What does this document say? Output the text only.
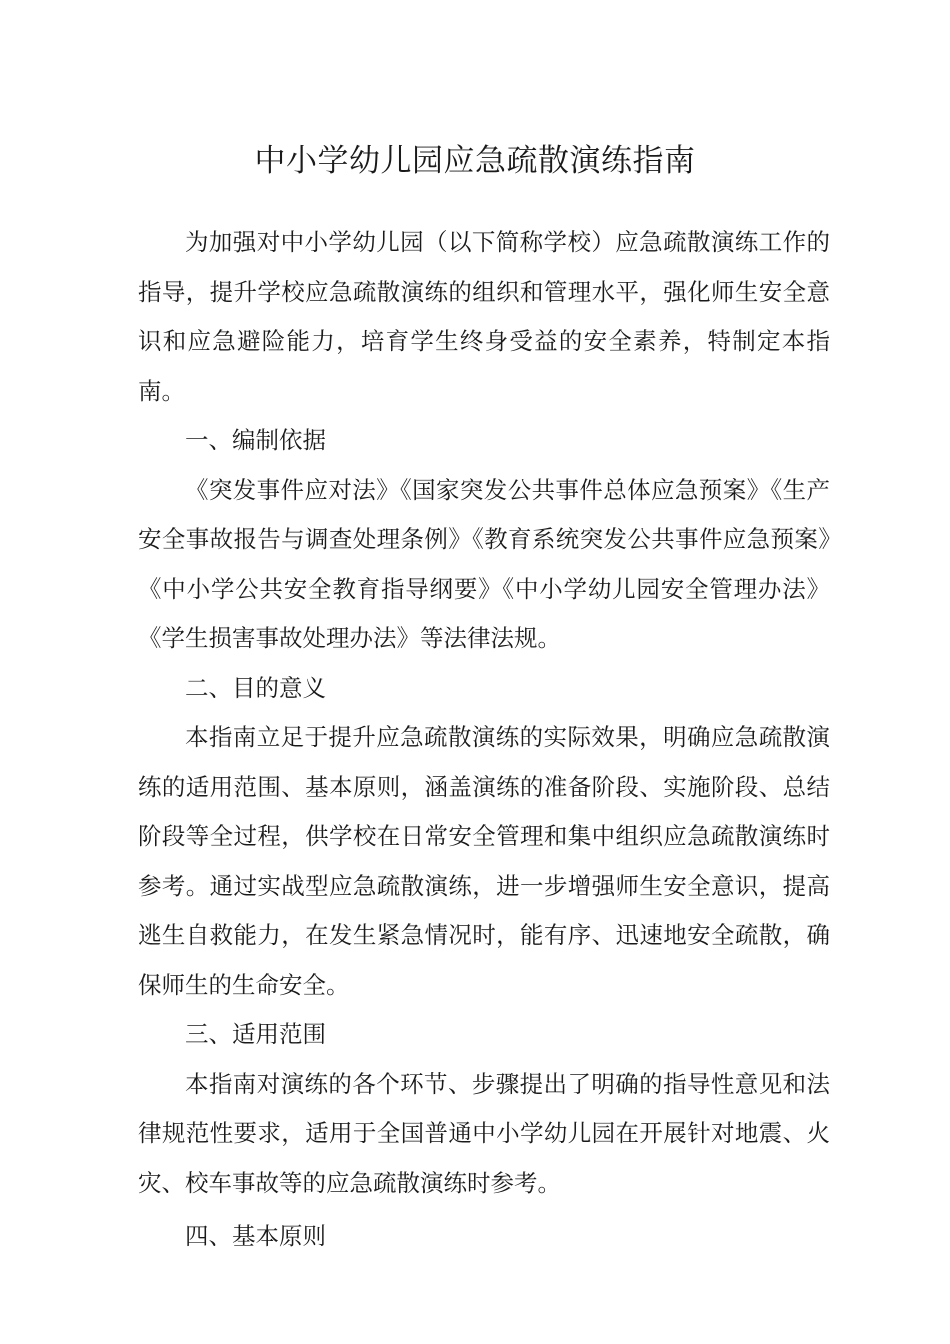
中小学幼儿园应急疏散演练指南

为加强对中小学幼儿园（以下简称学校）应急疏散演练工作的指导，提升学校应急疏散演练的组织和管理水平，强化师生安全意识和应急避险能力，培育学生终身受益的安全素养，特制定本指南。

一、编制依据

《突发事件应对法》《国家突发公共事件总体应急预案》《生产安全事故报告与调查处理条例》《教育系统突发公共事件应急预案》《中小学公共安全教育指导纲要》《中小学幼儿园安全管理办法》《学生损害事故处理办法》等法律法规。

二、目的意义

本指南立足于提升应急疏散演练的实际效果，明确应急疏散演练的适用范围、基本原则，涵盖演练的准备阶段、实施阶段、总结阶段等全过程，供学校在日常安全管理和集中组织应急疏散演练时参考。通过实战型应急疏散演练，进一步增强师生安全意识，提高逃生自救能力，在发生紧急情况时，能有序、迅速地安全疏散，确保师生的生命安全。

三、适用范围

本指南对演练的各个环节、步骤提出了明确的指导性意见和法律规范性要求，适用于全国普通中小学幼儿园在开展针对地震、火灾、校车事故等的应急疏散演练时参考。

四、基本原则
